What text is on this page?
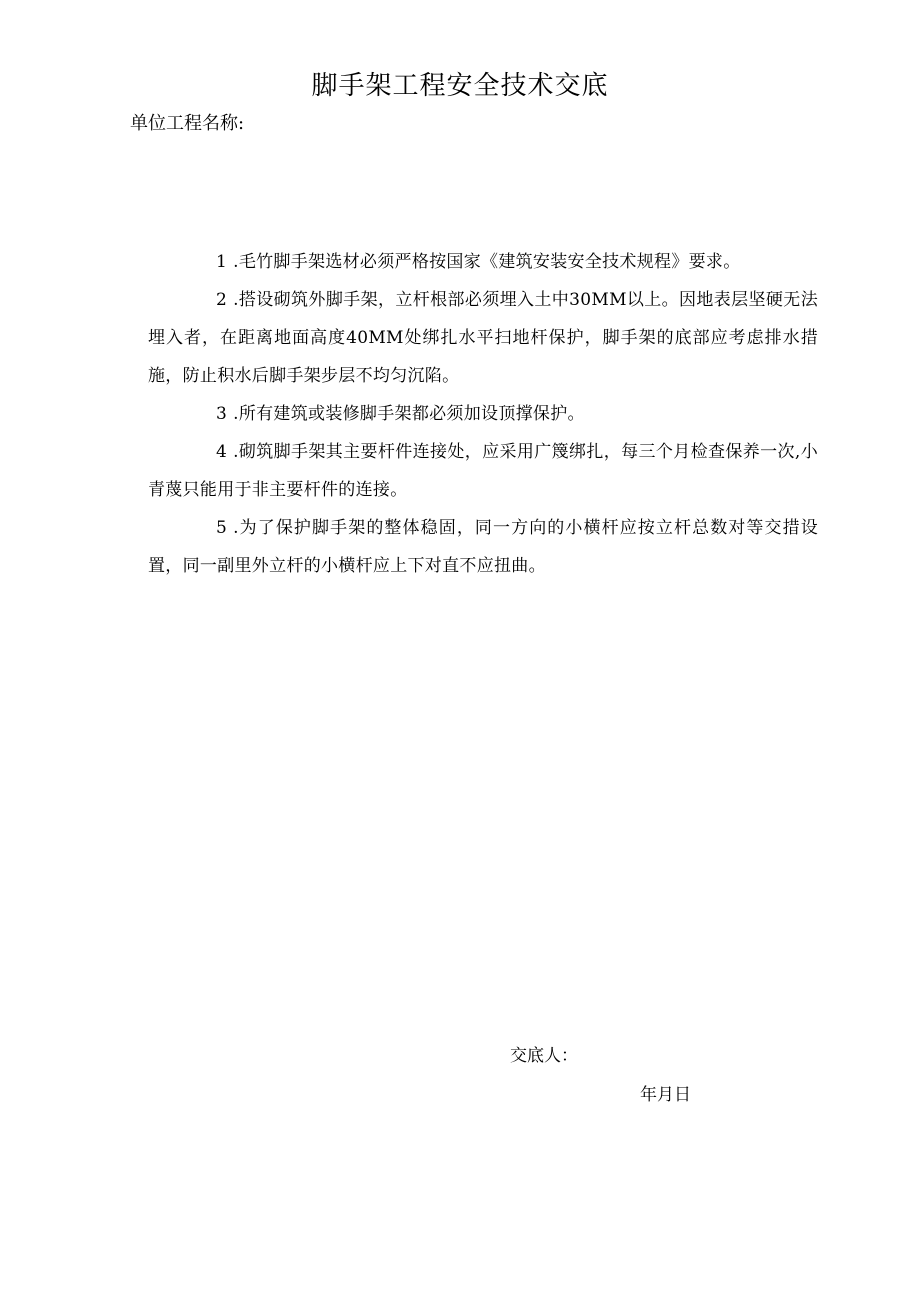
脚手架工程安全技术交底
单位工程名称:

1 .毛竹脚手架选材必须严格按国家《建筑安装安全技术规程》要求。

2 .搭设砌筑外脚手架，立杆根部必须埋入土中30MM以上。因地表层坚硬无法埋入者，在距离地面高度40MM处绑扎水平扫地杆保护，脚手架的底部应考虑排水措施，防止积水后脚手架步层不均匀沉陷。

3 .所有建筑或装修脚手架都必须加设顶撑保护。

4 .砌筑脚手架其主要杆件连接处，应采用广篾绑扎，每三个月检查保养一次,小青蔑只能用于非主要杆件的连接。

5 .为了保护脚手架的整体稳固，同一方向的小横杆应按立杆总数对等交措设置，同一副里外立杆的小横杆应上下对直不应扭曲。

交底人：
年月日
